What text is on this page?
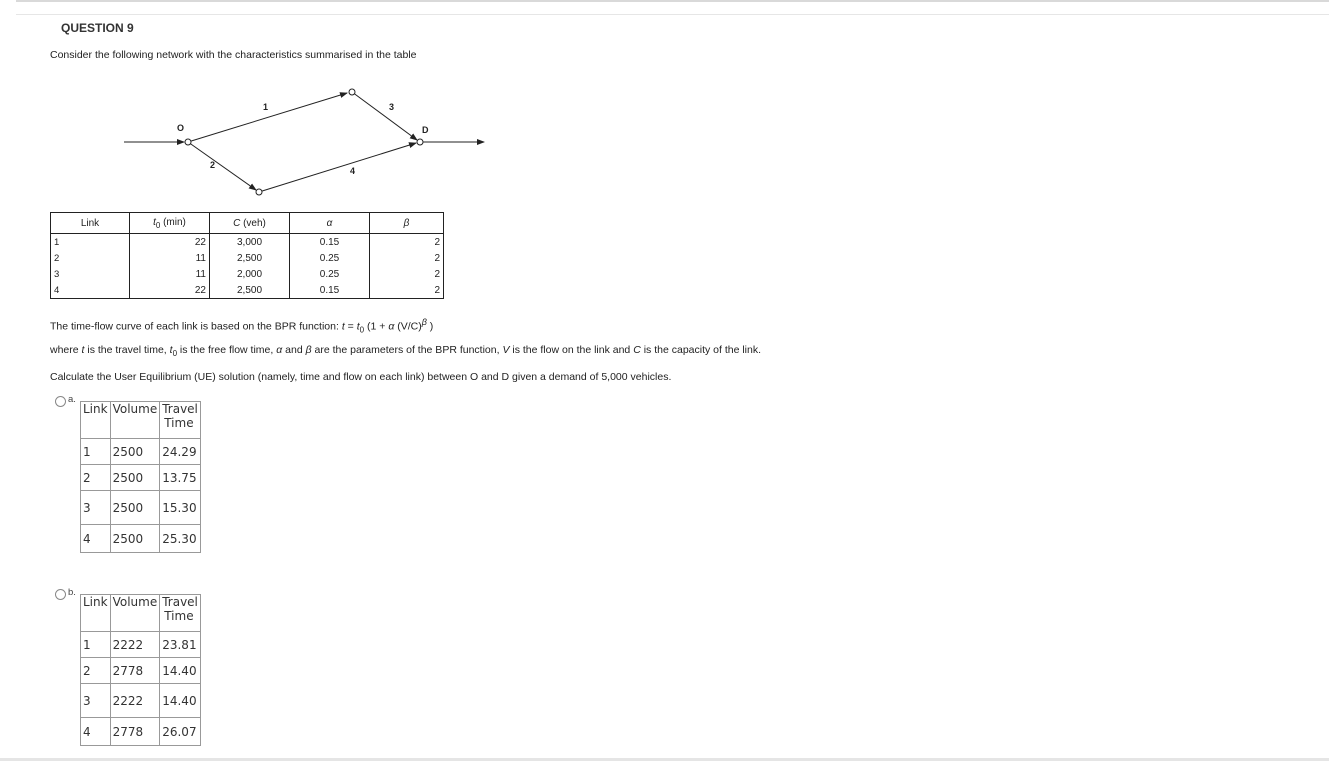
QUESTION 9
Consider the following network with the characteristics summarised in the table
1
2
3
4
O	D
Link	$t_0$ (min)	C (veh)	α	β
1	22	3,000	0.15	2
2	11	2,500	0.25	2
3	11	2,000	0.25	2
4	22	2,500	0.15	2
The time-flow curve of each link is based on the BPR function: $t = t_0$ (1 + α $(V/C)^\beta$ )
where t is the travel time, $t_0$ is the free flow time, α and β are the parameters of the BPR function, V is the flow on the link and C is the capacity of the link.
Calculate the User Equilibrium (UE) solution (namely, time and flow on each link) between O and D given a demand of 5,000 vehicles.
a.
Link	Volume	Travel
Time
1	2500	24.29
2	2500	13.75
3	2500	15.30
4	2500	25.30
b.
Link	Volume	Travel
Time
1	2222	23.81
2	2778	14.40
3	2222	14.40
4	2778	26.07
